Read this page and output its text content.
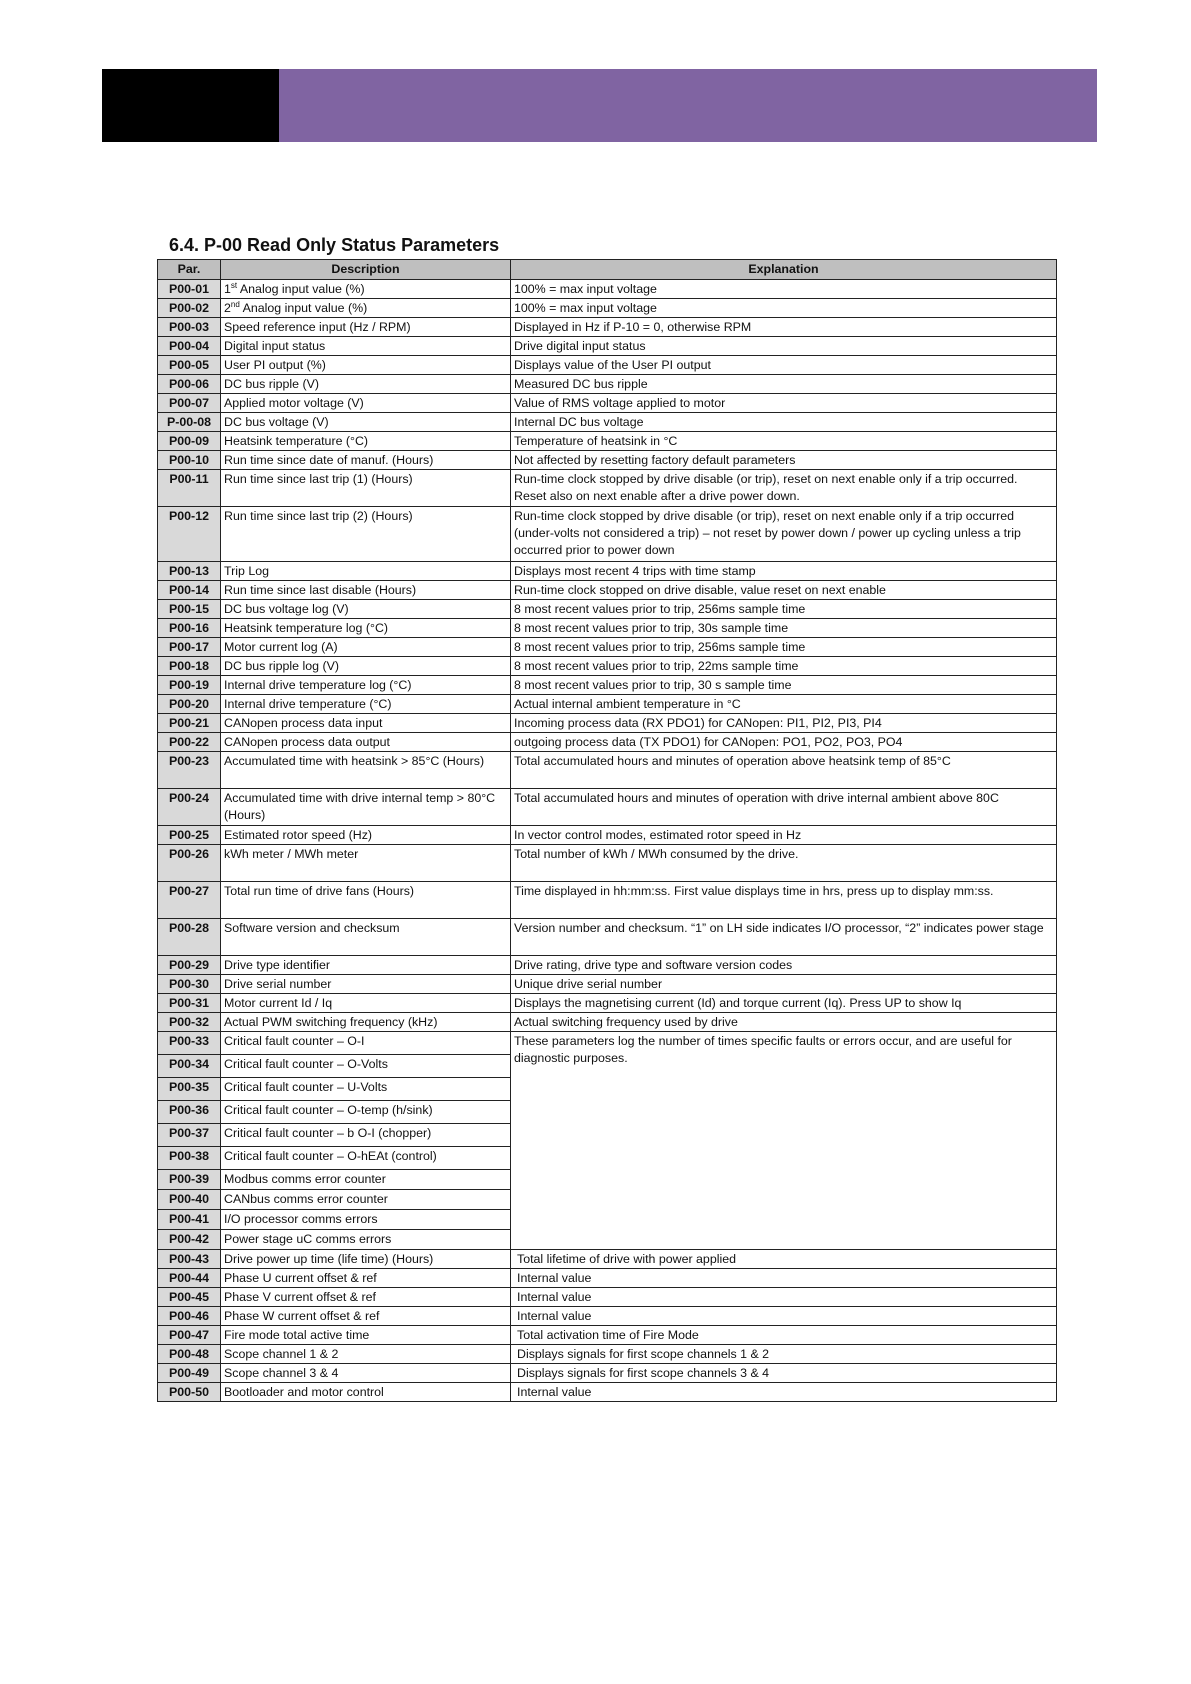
6.4. P-00 Read Only Status Parameters
Par.	Description	Explanation
P00-01	1st Analog input value (%)	100% = max input voltage
P00-02	2nd Analog input value (%)	100% = max input voltage
P00-03	Speed reference input (Hz / RPM)	Displayed in Hz if P-10 = 0, otherwise RPM
P00-04	Digital input status	Drive digital input status
P00-05	User PI output (%)	Displays value of the User PI output
P00-06	DC bus ripple (V)	Measured DC bus ripple
P00-07	Applied motor voltage (V)	Value of RMS voltage applied to motor
P-00-08	DC bus voltage (V)	Internal DC bus voltage
P00-09	Heatsink temperature (°C)	Temperature of heatsink in °C
P00-10	Run time since date of manuf. (Hours)	Not affected by resetting factory default parameters
P00-11	Run time since last trip (1) (Hours)	Run-time clock stopped by drive disable (or trip), reset on next enable only if a trip occurred. Reset also on next enable after a drive power down.
P00-12	Run time since last trip (2) (Hours)	Run-time clock stopped by drive disable (or trip), reset on next enable only if a trip occurred (under-volts not considered a trip) – not reset by power down / power up cycling unless a trip occurred prior to power down
P00-13	Trip Log	Displays most recent 4 trips with time stamp
P00-14	Run time since last disable (Hours)	Run-time clock stopped on drive disable, value reset on next enable
P00-15	DC bus voltage log (V)	8 most recent values prior to trip, 256ms sample time
P00-16	Heatsink temperature log (°C)	8 most recent values prior to trip, 30s sample time
P00-17	Motor current log (A)	8 most recent values prior to trip, 256ms sample time
P00-18	DC bus ripple log (V)	8 most recent values prior to trip, 22ms sample time
P00-19	Internal drive temperature log (°C)	8 most recent values prior to trip, 30 s sample time
P00-20	Internal drive temperature (°C)	Actual internal ambient temperature in °C
P00-21	CANopen process data input	Incoming process data (RX PDO1) for CANopen: PI1, PI2, PI3, PI4
P00-22	CANopen process data output	outgoing process data (TX PDO1) for CANopen: PO1, PO2, PO3, PO4
P00-23	Accumulated time with heatsink > 85°C (Hours)	Total accumulated hours and minutes of operation above heatsink temp of 85°C
P00-24	Accumulated time with drive internal temp > 80°C (Hours)	Total accumulated hours and minutes of operation with drive internal ambient above 80C
P00-25	Estimated rotor speed (Hz)	In vector control modes, estimated rotor speed in Hz
P00-26	kWh meter / MWh meter	Total number of kWh / MWh consumed by the drive.
P00-27	Total run time of drive fans (Hours)	Time displayed in hh:mm:ss. First value displays time in hrs, press up to display mm:ss.
P00-28	Software version and checksum	Version number and checksum. “1” on LH side indicates I/O processor, “2” indicates power stage
P00-29	Drive type identifier	Drive rating, drive type and software version codes
P00-30	Drive serial number	Unique drive serial number
P00-31	Motor current Id / Iq	Displays the magnetising current (Id) and torque current (Iq). Press UP to show Iq
P00-32	Actual PWM switching frequency (kHz)	Actual switching frequency used by drive
P00-33	Critical fault counter – O-I	These parameters log the number of times specific faults or errors occur, and are useful for diagnostic purposes.
P00-34	Critical fault counter – O-Volts	
P00-35	Critical fault counter – U-Volts	
P00-36	Critical fault counter – O-temp (h/sink)	
P00-37	Critical fault counter – b O-I (chopper)	
P00-38	Critical fault counter – O-hEAt (control)	
P00-39	Modbus comms error counter	
P00-40	CANbus comms error counter	
P00-41	I/O processor comms errors	
P00-42	Power stage uC comms errors	
P00-43	Drive power up time (life time) (Hours)	Total lifetime of drive with power applied
P00-44	Phase U current offset & ref	Internal value
P00-45	Phase V current offset & ref	Internal value
P00-46	Phase W current offset & ref	Internal value
P00-47	Fire mode total active time	Total activation time of Fire Mode
P00-48	Scope channel 1 & 2	Displays signals for first scope channels 1 & 2
P00-49	Scope channel 3 & 4	Displays signals for first scope channels 3 & 4
P00-50	Bootloader and motor control	Internal value
